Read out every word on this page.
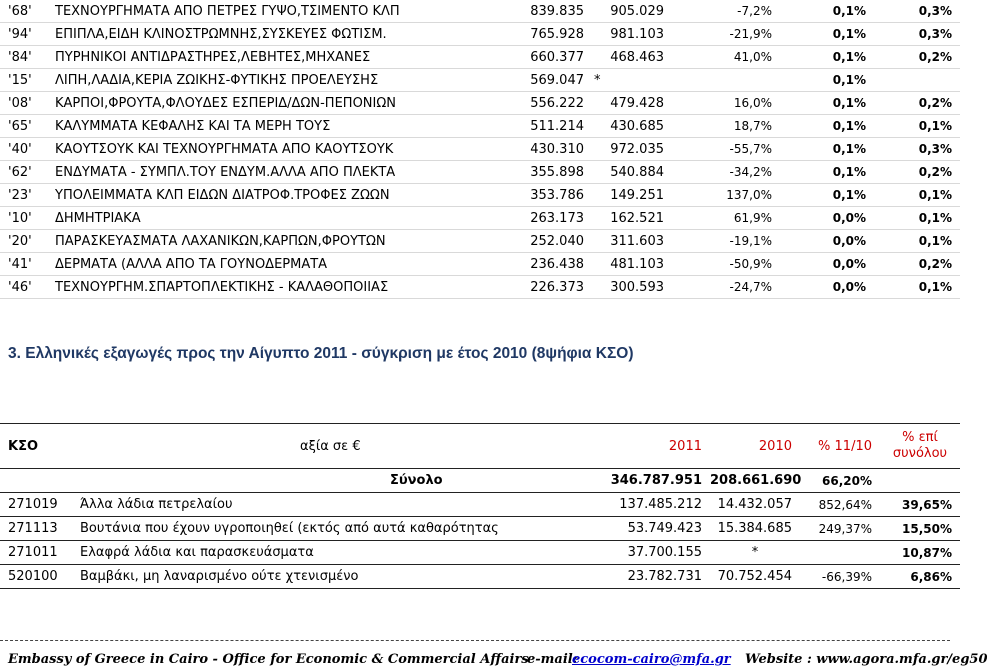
'68'	ΤΕΧΝΟΥΡΓΗΜΑΤΑ ΑΠΟ ΠΕΤΡΕΣ ΓΥΨΟ,ΤΣΙΜΕΝΤΟ ΚΛΠ	839.835	905.029	-7,2%	0,1%	0,3%
'94'	ΕΠΙΠΛΑ,ΕΙΔΗ ΚΛΙΝΟΣΤΡΩΜΝΗΣ,ΣΥΣΚΕΥΕΣ ΦΩΤΙΣΜ.	765.928	981.103	-21,9%	0,1%	0,3%
'84'	ΠΥΡΗΝΙΚΟΙ ΑΝΤΙΔΡΑΣΤΗΡΕΣ,ΛΕΒΗΤΕΣ,ΜΗΧΑΝΕΣ	660.377	468.463	41,0%	0,1%	0,2%
'15'	ΛΙΠΗ,ΛΑΔΙΑ,ΚΕΡΙΑ ΖΩΙΚΗΣ-ΦΥΤΙΚΗΣ ΠΡΟΕΛΕΥΣΗΣ	569.047	*		0,1%	
'08'	ΚΑΡΠΟΙ,ΦΡΟΥΤΑ,ΦΛΟΥΔΕΣ ΕΣΠΕΡΙΔ/ΔΩΝ-ΠΕΠΟΝΙΩΝ	556.222	479.428	16,0%	0,1%	0,2%
'65'	ΚΑΛΥΜΜΑΤΑ ΚΕΦΑΛΗΣ ΚΑΙ ΤΑ ΜΕΡΗ ΤΟΥΣ	511.214	430.685	18,7%	0,1%	0,1%
'40'	ΚΑΟΥΤΣΟΥΚ ΚΑΙ ΤΕΧΝΟΥΡΓΗΜΑΤΑ ΑΠΟ ΚΑΟΥΤΣΟΥΚ	430.310	972.035	-55,7%	0,1%	0,3%
'62'	ΕΝΔΥΜΑΤΑ - ΣΥΜΠΛ.ΤΟΥ ΕΝΔΥΜ.ΑΛΛΑ ΑΠΟ ΠΛΕΚΤΑ	355.898	540.884	-34,2%	0,1%	0,2%
'23'	ΥΠΟΛΕΙΜΜΑΤΑ ΚΛΠ ΕΙΔΩΝ ΔΙΑΤΡΟΦ.ΤΡΟΦΕΣ ΖΩΩΝ	353.786	149.251	137,0%	0,1%	0,1%
'10'	ΔΗΜΗΤΡΙΑΚΑ	263.173	162.521	61,9%	0,0%	0,1%
'20'	ΠΑΡΑΣΚΕΥΑΣΜΑΤΑ ΛΑΧΑΝΙΚΩΝ,ΚΑΡΠΩΝ,ΦΡΟΥΤΩΝ	252.040	311.603	-19,1%	0,0%	0,1%
'41'	ΔΕΡΜΑΤΑ (ΑΛΛΑ ΑΠΟ ΤΑ ΓΟΥΝΟΔΕΡΜΑΤΑ	236.438	481.103	-50,9%	0,0%	0,2%
'46'	ΤΕΧΝΟΥΡΓΗΜ.ΣΠΑΡΤΟΠΛΕΚΤΙΚΗΣ - ΚΑΛΑΘΟΠΟΙΙΑΣ	226.373	300.593	-24,7%	0,0%	0,1%
3. Ελληνικές εξαγωγές προς την Αίγυπτο 2011 - σύγκριση με έτος 2010 (8ψήφια ΚΣΟ)
ΚΣΟ	αξία σε €	2011	2010	% 11/10	% επί
συνόλου

	Σύνολο	346.787.951	208.661.690	66,20%	
271019	Άλλα λάδια πετρελαίου	137.485.212	14.432.057	852,64%	39,65%
271113	Βουτάνια που έχουν υγροποιηθεί (εκτός από αυτά καθαρότητας	53.749.423	15.384.685	249,37%	15,50%
271011	Ελαφρά λάδια και παρασκευάσματα	37.700.155	*		10,87%
520100	Βαμβάκι, μη λαναρισμένο ούτε χτενισμένο	23.782.731	70.752.454	-66,39%	6,86%
Embassy of Greece in Cairo - Office for Economic & Commercial Affairs
e-mail:
ecocom-cairo@mfa.gr Website : www.agora.mfa.gr/eg50
